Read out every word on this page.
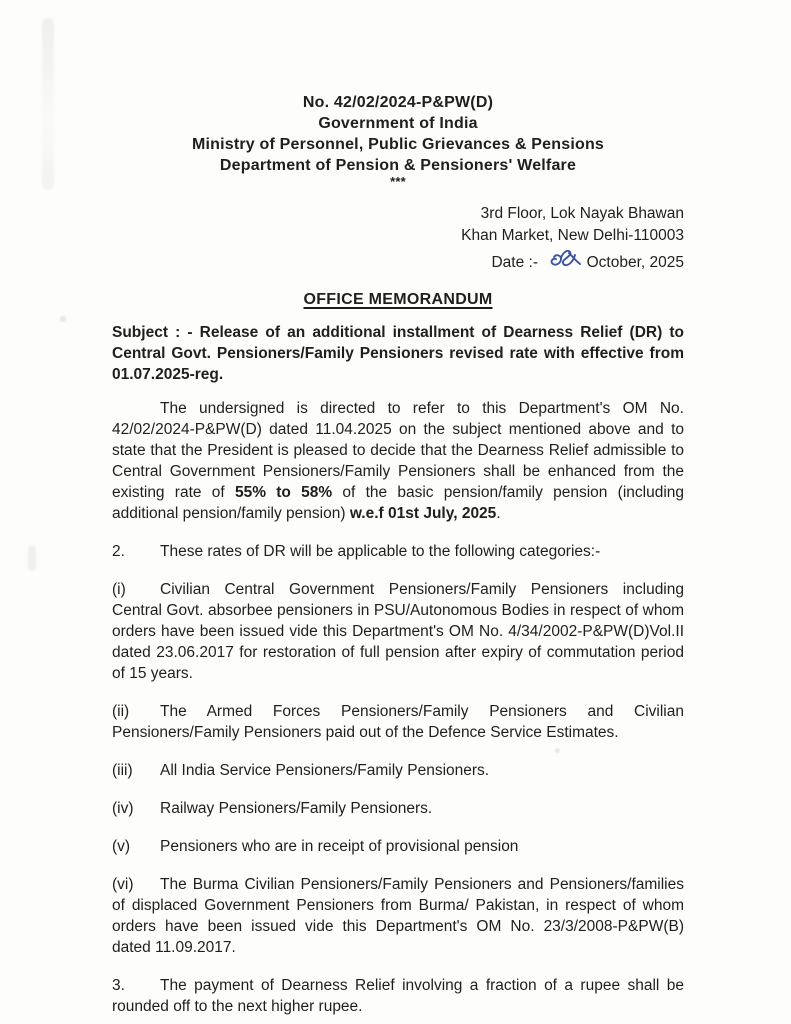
No. 42/02/2024-P&PW(D)
Government of India
Ministry of Personnel, Public Grievances & Pensions
Department of Pension & Pensioners' Welfare
***
3rd Floor, Lok Nayak Bhawan
Khan Market, New Delhi-110003
Date :-	October, 2025
OFFICE MEMORANDUM
Subject : - Release of an additional installment of Dearness Relief (DR) to Central Govt. Pensioners/Family Pensioners revised rate with effective from 01.07.2025-reg.
The undersigned is directed to refer to this Department's OM No. 42/02/2024-P&PW(D) dated 11.04.2025 on the subject mentioned above and to state that the President is pleased to decide that the Dearness Relief admissible to Central Government Pensioners/Family Pensioners shall be enhanced from the existing rate of 55% to 58% of the basic pension/family pension (including additional pension/family pension) w.e.f 01st July, 2025.
2. These rates of DR will be applicable to the following categories:-
(i) Civilian Central Government Pensioners/Family Pensioners including Central Govt. absorbee pensioners in PSU/Autonomous Bodies in respect of whom orders have been issued vide this Department's OM No. 4/34/2002-P&PW(D)Vol.II dated 23.06.2017 for restoration of full pension after expiry of commutation period of 15 years.
(ii) The Armed Forces Pensioners/Family Pensioners and Civilian Pensioners/Family Pensioners paid out of the Defence Service Estimates.
(iii) All India Service Pensioners/Family Pensioners.
(iv) Railway Pensioners/Family Pensioners.
(v) Pensioners who are in receipt of provisional pension
(vi) The Burma Civilian Pensioners/Family Pensioners and Pensioners/families of displaced Government Pensioners from Burma/ Pakistan, in respect of whom orders have been issued vide this Department's OM No. 23/3/2008-P&PW(B) dated 11.09.2017.
3. The payment of Dearness Relief involving a fraction of a rupee shall be rounded off to the next higher rupee.
